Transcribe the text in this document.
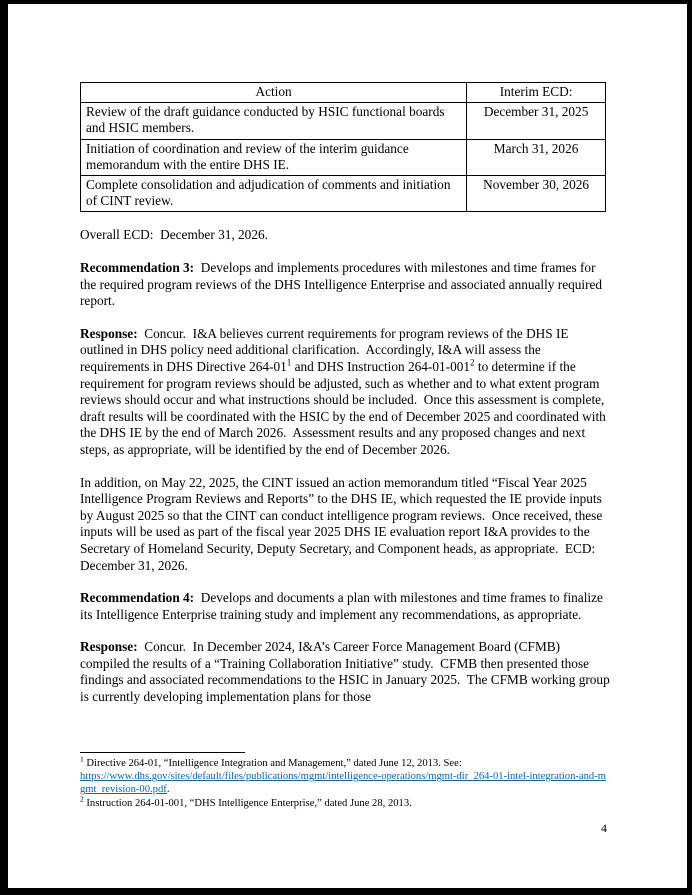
Action	Interim ECD:
Review of the draft guidance conducted by HSIC functional boards and HSIC members.	December 31, 2025
Initiation of coordination and review of the interim guidance memorandum with the entire DHS IE.	March 31, 2026
Complete consolidation and adjudication of comments and initiation of CINT review.	November 30, 2026

Overall ECD:  December 31, 2026.

Recommendation 3:  Develops and implements procedures with milestones and time frames for the required program reviews of the DHS Intelligence Enterprise and associated annually required report.

Response:  Concur.  I&A believes current requirements for program reviews of the DHS IE outlined in DHS policy need additional clarification.  Accordingly, I&A will assess the requirements in DHS Directive 264-01$^1$ and DHS Instruction 264-01-001$^2$ to determine if the requirement for program reviews should be adjusted, such as whether and to what extent program reviews should occur and what instructions should be included.  Once this assessment is complete, draft results will be coordinated with the HSIC by the end of December 2025 and coordinated with the DHS IE by the end of March 2026.  Assessment results and any proposed changes and next steps, as appropriate, will be identified by the end of December 2026.

In addition, on May 22, 2025, the CINT issued an action memorandum titled “Fiscal Year 2025 Intelligence Program Reviews and Reports” to the DHS IE, which requested the IE provide inputs by August 2025 so that the CINT can conduct intelligence program reviews.  Once received, these inputs will be used as part of the fiscal year 2025 DHS IE evaluation report I&A provides to the Secretary of Homeland Security, Deputy Secretary, and Component heads, as appropriate.  ECD:  December 31, 2026.

Recommendation 4:  Develops and documents a plan with milestones and time frames to finalize its Intelligence Enterprise training study and implement any recommendations, as appropriate.

Response:  Concur.  In December 2024, I&A’s Career Force Management Board (CFMB) compiled the results of a “Training Collaboration Initiative” study.  CFMB then presented those findings and associated recommendations to the HSIC in January 2025.  The CFMB working group is currently developing implementation plans for those

4
$^1$ Directive 264-01, “Intelligence Integration and Management,” dated June 12, 2013. See:
https://www.dhs.gov/sites/default/files/publications/mgmt/intelligence-operations/mgmt-dir_264-01-intel-integration-and-mgmt_revision-00.pdf.
$^2$ Instruction 264-01-001, “DHS Intelligence Enterprise,” dated June 28, 2013.
